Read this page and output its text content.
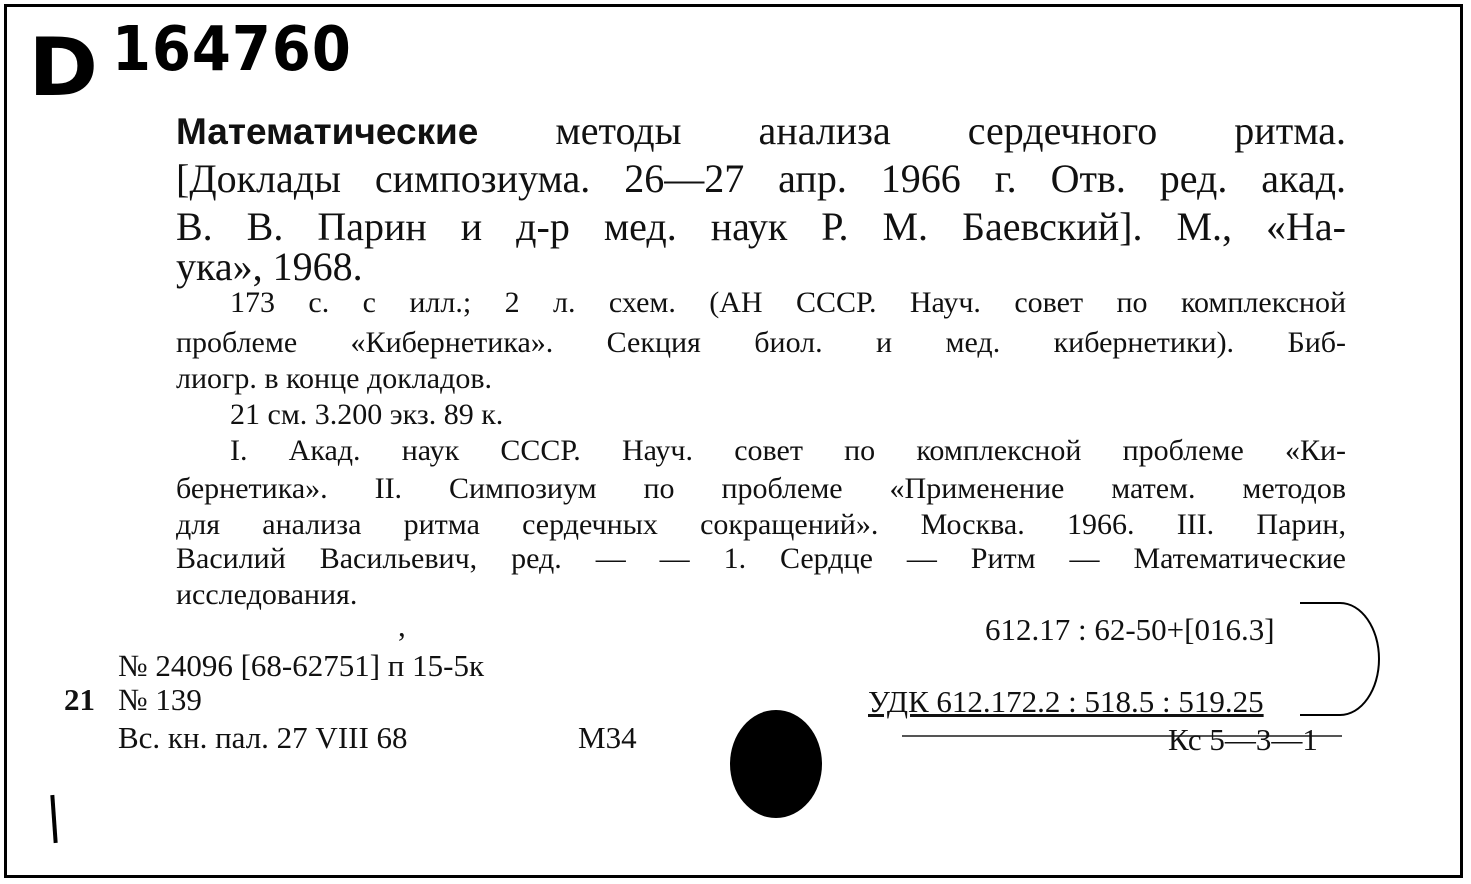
D 164760
Математические методы анализа сердечного ритма.
[Доклады симпозиума. 26—27 апр. 1966 г. Отв. ред. акад.
В. В. Парин и д-р мед. наук Р. М. Баевский]. М., «На-
ука», 1968.
173 с. с илл.; 2 л. схем. (АН СССР. Науч. совет по комплексной
проблеме «Кибернетика». Секция биол. и мед. кибернетики). Биб-
лиогр. в конце докладов.
21 см. 3.200 экз. 89 к.
I. Акад. наук СССР. Науч. совет по комплексной проблеме «Ки-
бернетика». II. Симпозиум по проблеме «Применение матем. методов
для анализа ритма сердечных сокращений». Москва. 1966. III. Парин,
Василий Васильевич, ред. — — 1. Сердце — Ритм — Математические
исследования.
,	612.17 : 62-50+[016.3]
№ 24096 [68-62751] п 15-5к
21 № 139
Вс. кн. пал. 27 VIII 68	М34
УДК 612.172.2 : 518.5 : 519.25
Кс 5—3—1
